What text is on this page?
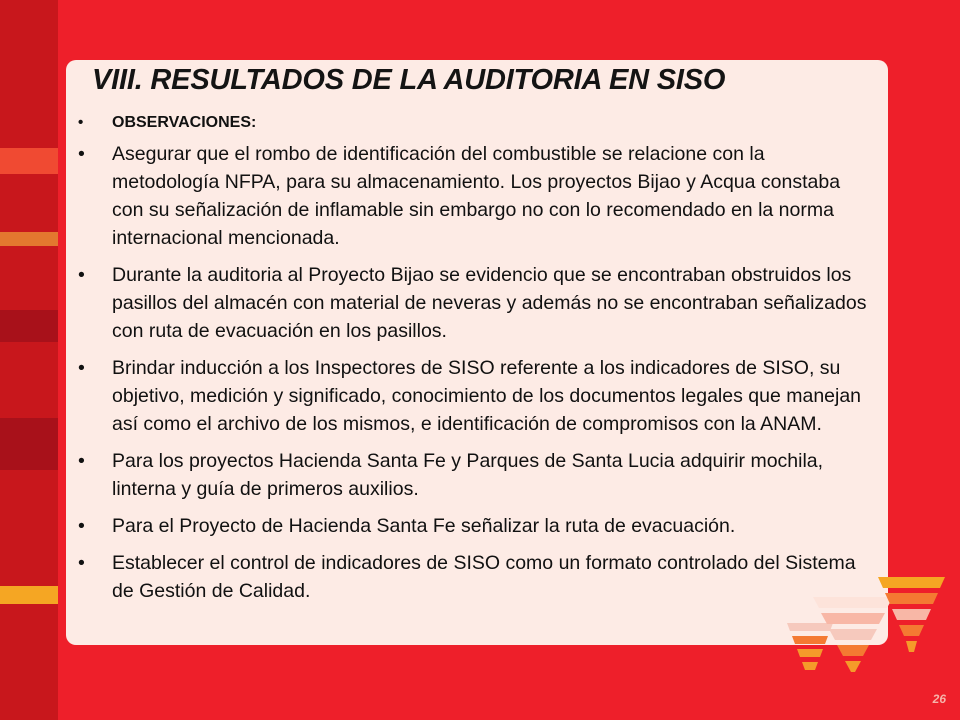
VIII. RESULTADOS DE LA AUDITORIA EN SISO
• OBSERVACIONES:
• Asegurar que el rombo de identificación del combustible se relacione con la metodología NFPA, para su almacenamiento. Los proyectos Bijao y Acqua constaba con su señalización de inflamable sin embargo no con lo recomendado en la norma internacional mencionada.
• Durante la auditoria al Proyecto Bijao se evidencio que se encontraban obstruidos los pasillos del almacén con material de neveras y además no se encontraban señalizados con ruta de evacuación en los pasillos.
• Brindar inducción a los Inspectores de SISO referente a los indicadores de SISO, su objetivo, medición y significado, conocimiento de los documentos legales que manejan así como el archivo de los mismos, e identificación de compromisos con la ANAM.
• Para los proyectos Hacienda Santa Fe y Parques de Santa Lucia adquirir mochila, linterna y guía de primeros auxilios.
• Para el Proyecto de Hacienda Santa Fe señalizar la ruta de evacuación.
• Establecer el control de indicadores de SISO como un formato controlado del Sistema de Gestión de Calidad.
26
